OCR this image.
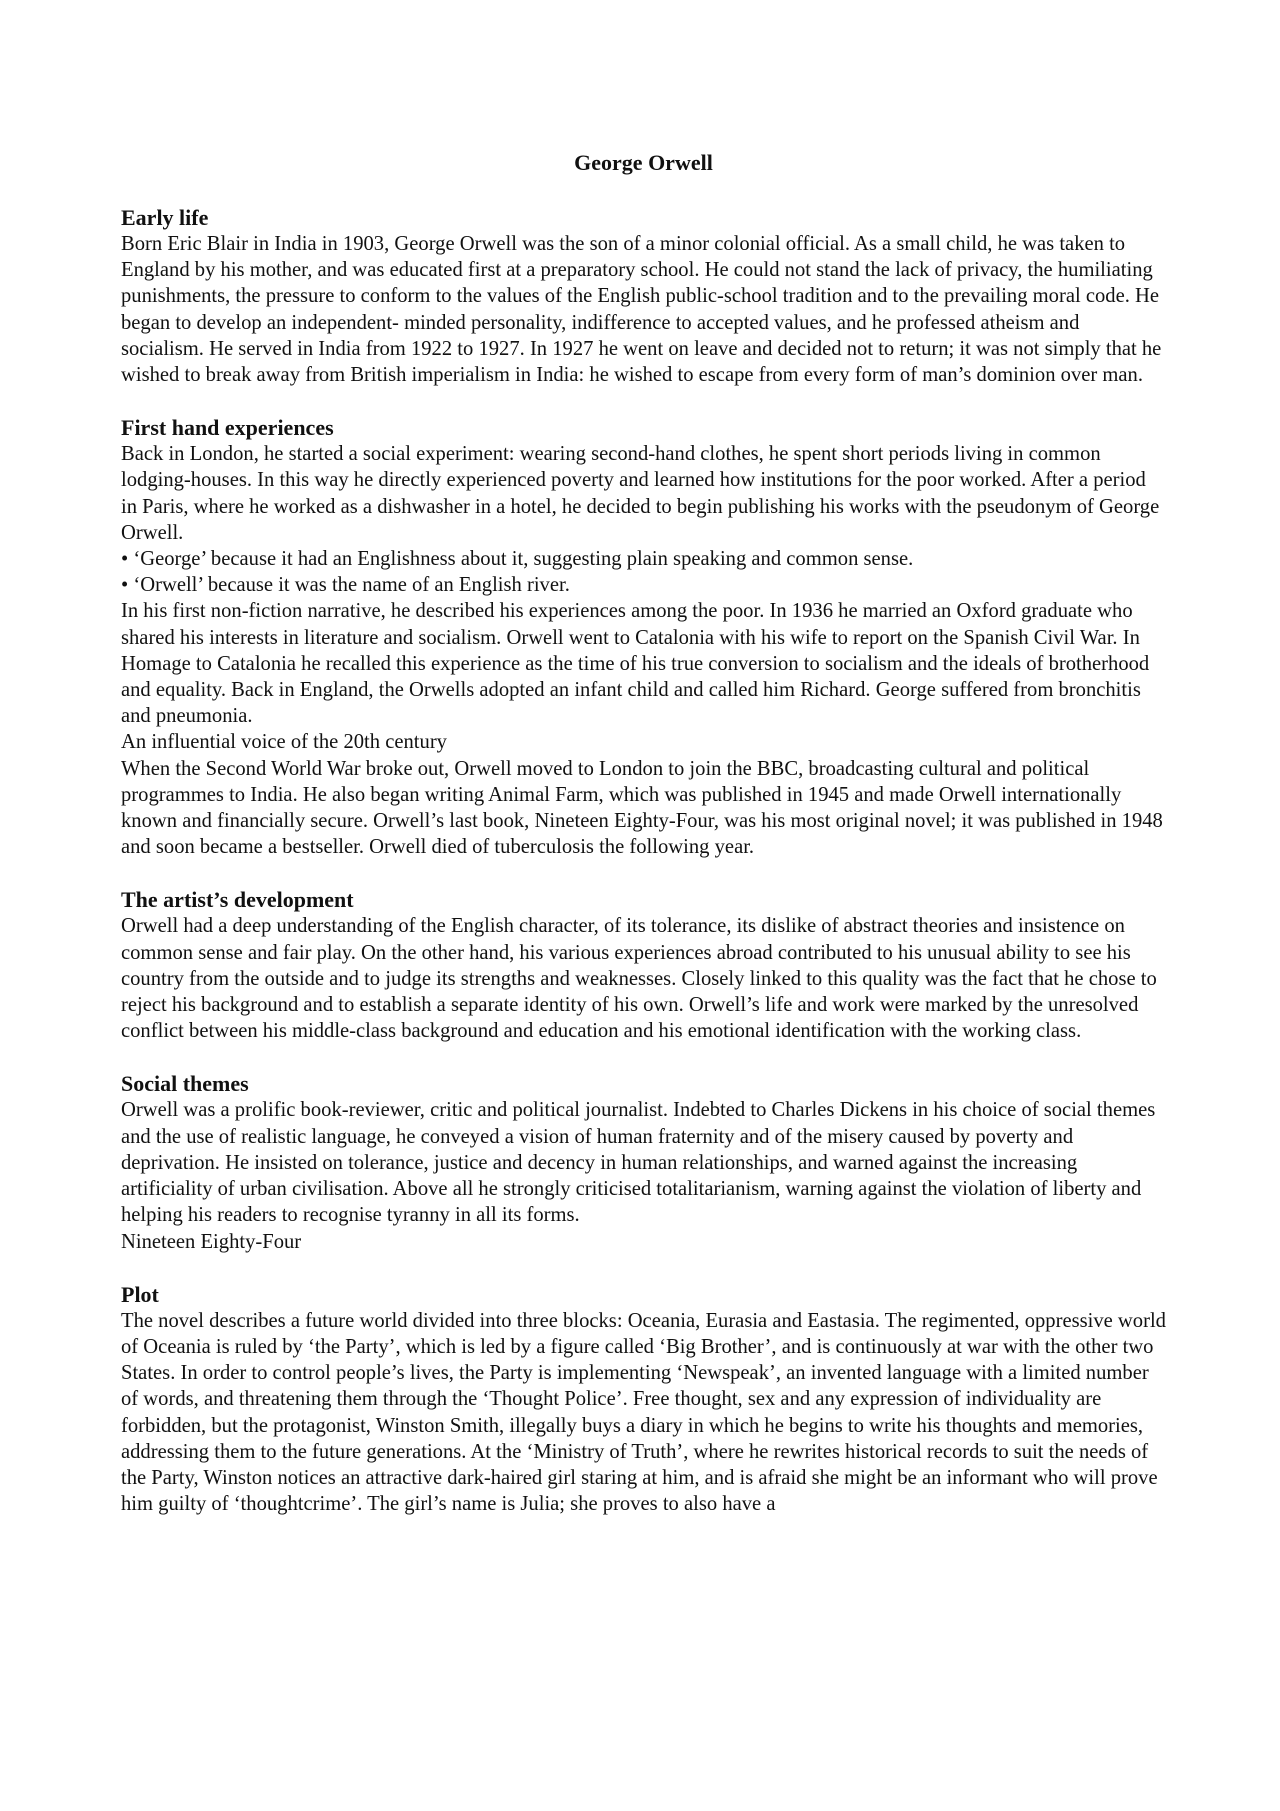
George Orwell
Early life

Born Eric Blair in India in 1903, George Orwell was the son of a minor colonial official. As a small child, he was taken to England by his mother, and was educated first at a preparatory school. He could not stand the lack of privacy, the humiliating punishments, the pressure to conform to the values of the English public-school tradition and to the prevailing moral code. He began to develop an independent- minded personality, indifference to accepted values, and he professed atheism and socialism. He served in India from 1922 to 1927. In 1927 he went on leave and decided not to return; it was not simply that he wished to break away from British imperialism in India: he wished to escape from every form of man’s dominion over man.

First hand experiences

Back in London, he started a social experiment: wearing second-hand clothes, he spent short periods living in common lodging-houses. In this way he directly experienced poverty and learned how institutions for the poor worked. After a period in Paris, where he worked as a dishwasher in a hotel, he decided to begin publishing his works with the pseudonym of George Orwell.

• ‘George’ because it had an Englishness about it, suggesting plain speaking and common sense.

• ‘Orwell’ because it was the name of an English river.

In his first non-fiction narrative, he described his experiences among the poor. In 1936 he married an Oxford graduate who shared his interests in literature and socialism. Orwell went to Catalonia with his wife to report on the Spanish Civil War. In Homage to Catalonia he recalled this experience as the time of his true conversion to socialism and the ideals of brotherhood and equality. Back in England, the Orwells adopted an infant child and called him Richard. George suffered from bronchitis and pneumonia.

An influential voice of the 20th century

When the Second World War broke out, Orwell moved to London to join the BBC, broadcasting cultural and political programmes to India. He also began writing Animal Farm, which was published in 1945 and made Orwell internationally known and financially secure. Orwell’s last book, Nineteen Eighty-Four, was his most original novel; it was published in 1948 and soon became a bestseller. Orwell died of tuberculosis the following year.

The artist’s development

Orwell had a deep understanding of the English character, of its tolerance, its dislike of abstract theories and insistence on common sense and fair play. On the other hand, his various experiences abroad contributed to his unusual ability to see his country from the outside and to judge its strengths and weaknesses. Closely linked to this quality was the fact that he chose to reject his background and to establish a separate identity of his own. Orwell’s life and work were marked by the unresolved conflict between his middle-class background and education and his emotional identification with the working class.

Social themes

Orwell was a prolific book-reviewer, critic and political journalist. Indebted to Charles Dickens in his choice of social themes and the use of realistic language, he conveyed a vision of human fraternity and of the misery caused by poverty and deprivation. He insisted on tolerance, justice and decency in human relationships, and warned against the increasing artificiality of urban civilisation. Above all he strongly criticised totalitarianism, warning against the violation of liberty and helping his readers to recognise tyranny in all its forms.

Nineteen Eighty-Four

Plot

The novel describes a future world divided into three blocks: Oceania, Eurasia and Eastasia. The regimented, oppressive world of Oceania is ruled by ‘the Party’, which is led by a figure called ‘Big Brother’, and is continuously at war with the other two States. In order to control people’s lives, the Party is implementing ‘Newspeak’, an invented language with a limited number of words, and threatening them through the ‘Thought Police’. Free thought, sex and any expression of individuality are forbidden, but the protagonist, Winston Smith, illegally buys a diary in which he begins to write his thoughts and memories, addressing them to the future generations. At the ‘Ministry of Truth’, where he rewrites historical records to suit the needs of the Party, Winston notices an attractive dark-haired girl staring at him, and is afraid she might be an informant who will prove him guilty of ‘thoughtcrime’. The girl’s name is Julia; she proves to also have a
